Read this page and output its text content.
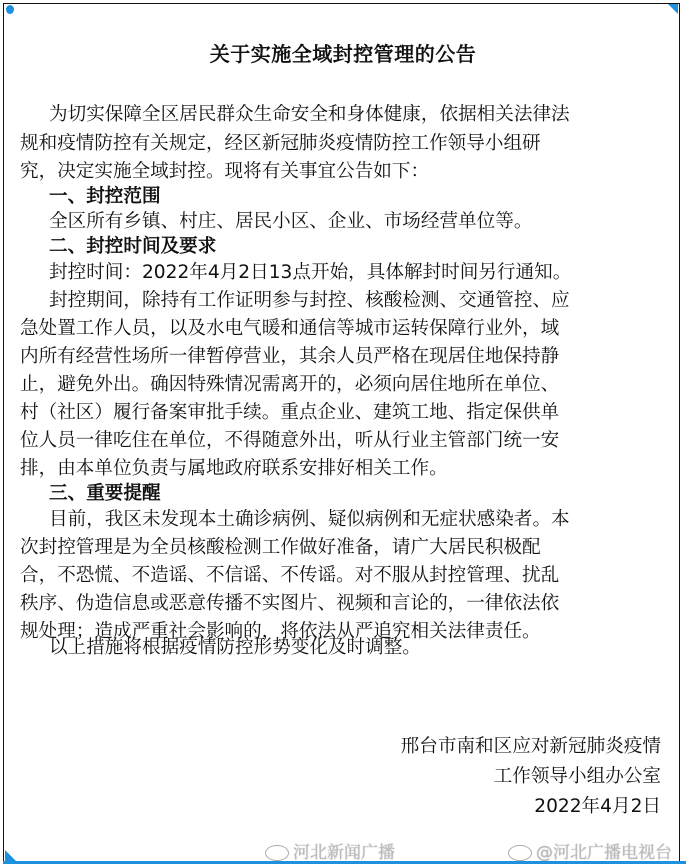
关于实施全域封控管理的公告
为切实保障全区居民群众生命安全和身体健康，依据相关法律法
规和疫情防控有关规定，经区新冠肺炎疫情防控工作领导小组研
究，决定实施全域封控。现将有关事宜公告如下：
一、封控范围
全区所有乡镇、村庄、居民小区、企业、市场经营单位等。
二、封控时间及要求
封控时间：2022年4月2日13点开始，具体解封时间另行通知。
封控期间，除持有工作证明参与封控、核酸检测、交通管控、应
急处置工作人员，以及水电气暖和通信等城市运转保障行业外，域
内所有经营性场所一律暂停营业，其余人员严格在现居住地保持静
止，避免外出。确因特殊情况需离开的，必须向居住地所在单位、
村（社区）履行备案审批手续。重点企业、建筑工地、指定保供单
位人员一律吃住在单位，不得随意外出，听从行业主管部门统一安
排，由本单位负责与属地政府联系安排好相关工作。
三、重要提醒
目前，我区未发现本土确诊病例、疑似病例和无症状感染者。本
次封控管理是为全员核酸检测工作做好准备，请广大居民积极配
合，不恐慌、不造谣、不信谣、不传谣。对不服从封控管理、扰乱
秩序、伪造信息或恶意传播不实图片、视频和言论的，一律依法依
规处理；造成严重社会影响的，将依法从严追究相关法律责任。
以上措施将根据疫情防控形势变化及时调整。
邢台市南和区应对新冠肺炎疫情
工作领导小组办公室
2022年4月2日
河北新闻广播	@河北广播电视台
